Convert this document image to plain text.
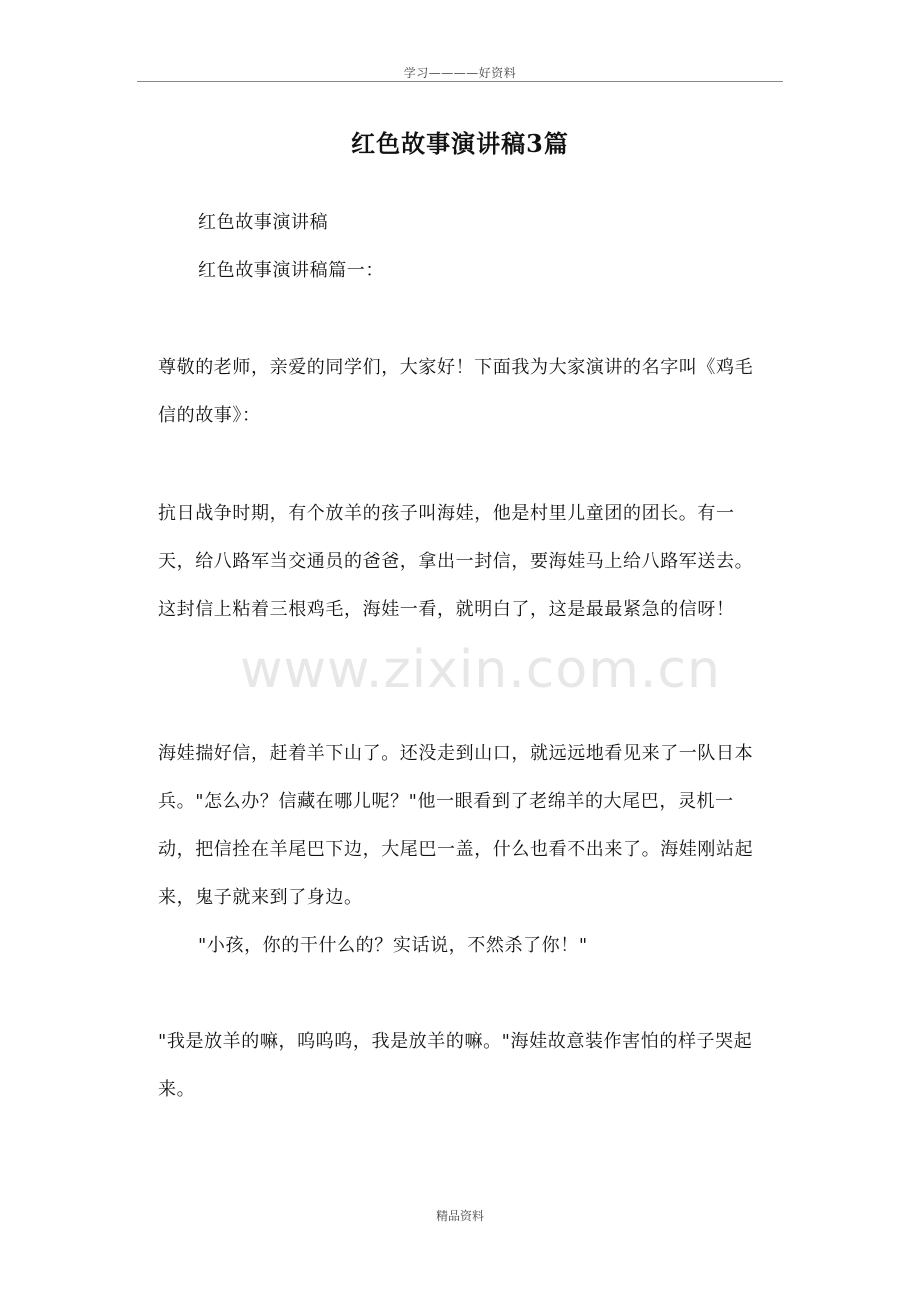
学习————好资料
红色故事演讲稿3篇
红色故事演讲稿
红色故事演讲稿篇一：
尊敬的老师，亲爱的同学们，大家好！下面我为大家演讲的名字叫《鸡毛信的故事》：
抗日战争时期，有个放羊的孩子叫海娃，他是村里儿童团的团长。有一天，给八路军当交通员的爸爸，拿出一封信，要海娃马上给八路军送去。这封信上粘着三根鸡毛，海娃一看，就明白了，这是最最紧急的信呀！
海娃揣好信，赶着羊下山了。还没走到山口，就远远地看见来了一队日本兵。"怎么办？信藏在哪儿呢？"他一眼看到了老绵羊的大尾巴，灵机一动，把信拴在羊尾巴下边，大尾巴一盖，什么也看不出来了。海娃刚站起来，鬼子就来到了身边。
"小孩，你的干什么的？实话说，不然杀了你！"
"我是放羊的嘛，呜呜呜，我是放羊的嘛。"海娃故意装作害怕的样子哭起来。
www.zixin.com.cn
精品资料
